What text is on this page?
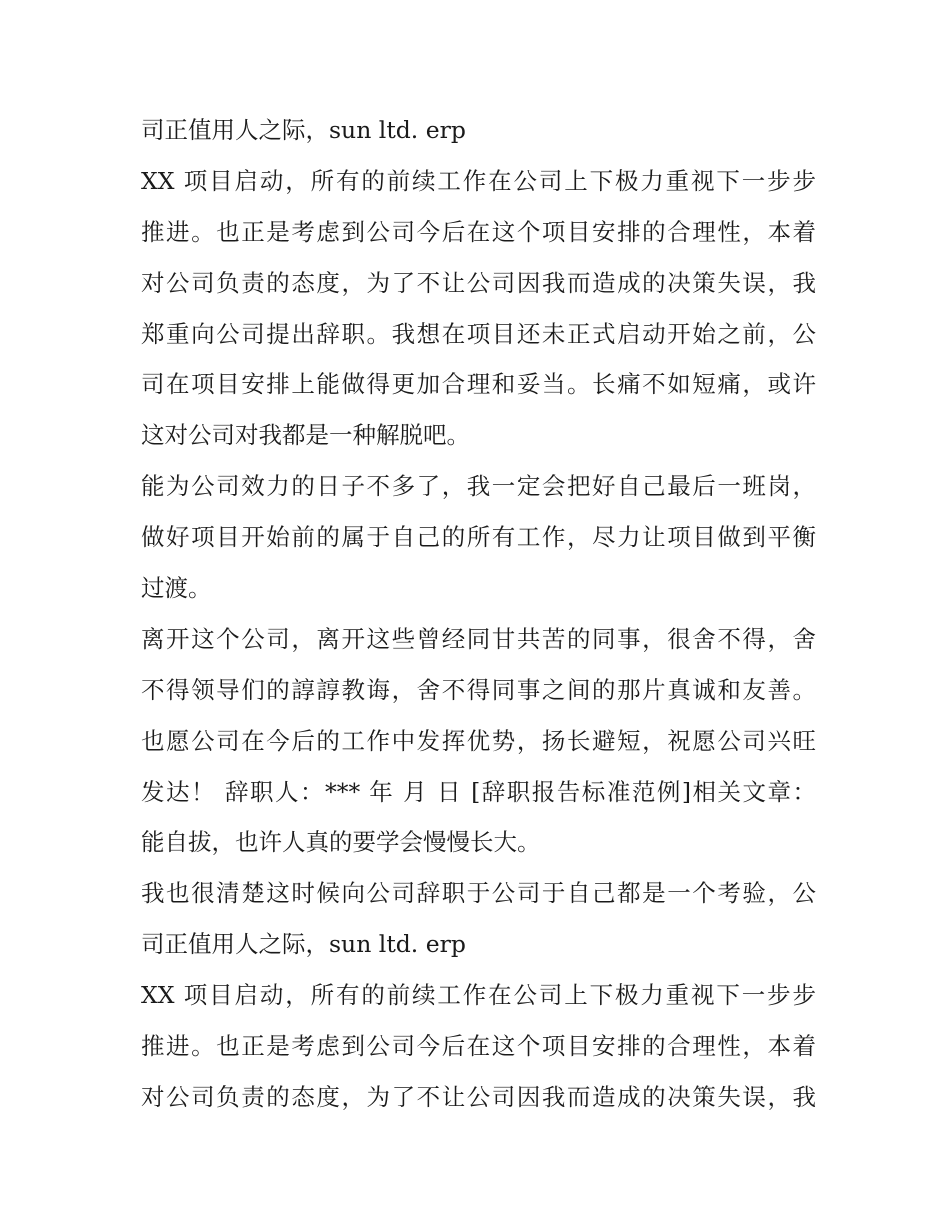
司正值用人之际，sun ltd. erp
XX 项目启动，所有的前续工作在公司上下极力重视下一步步
推进。也正是考虑到公司今后在这个项目安排的合理性，本着
对公司负责的态度，为了不让公司因我而造成的决策失误，我
郑重向公司提出辞职。我想在项目还未正式启动开始之前，公
司在项目安排上能做得更加合理和妥当。长痛不如短痛，或许
这对公司对我都是一种解脱吧。
能为公司效力的日子不多了，我一定会把好自己最后一班岗，
做好项目开始前的属于自己的所有工作，尽力让项目做到平衡
过渡。
离开这个公司，离开这些曾经同甘共苦的同事，很舍不得，舍
不得领导们的諄諄教诲，舍不得同事之间的那片真诚和友善。
也愿公司在今后的工作中发挥优势，扬长避短，祝愿公司兴旺
发达！ 辞职人：*** 年 月 日 [辞职报告标准范例]相关文章：
能自拔，也许人真的要学会慢慢长大。
我也很清楚这时候向公司辞职于公司于自己都是一个考验，公
司正值用人之际，sun ltd. erp
XX 项目启动，所有的前续工作在公司上下极力重视下一步步
推进。也正是考虑到公司今后在这个项目安排的合理性，本着
对公司负责的态度，为了不让公司因我而造成的决策失误，我
